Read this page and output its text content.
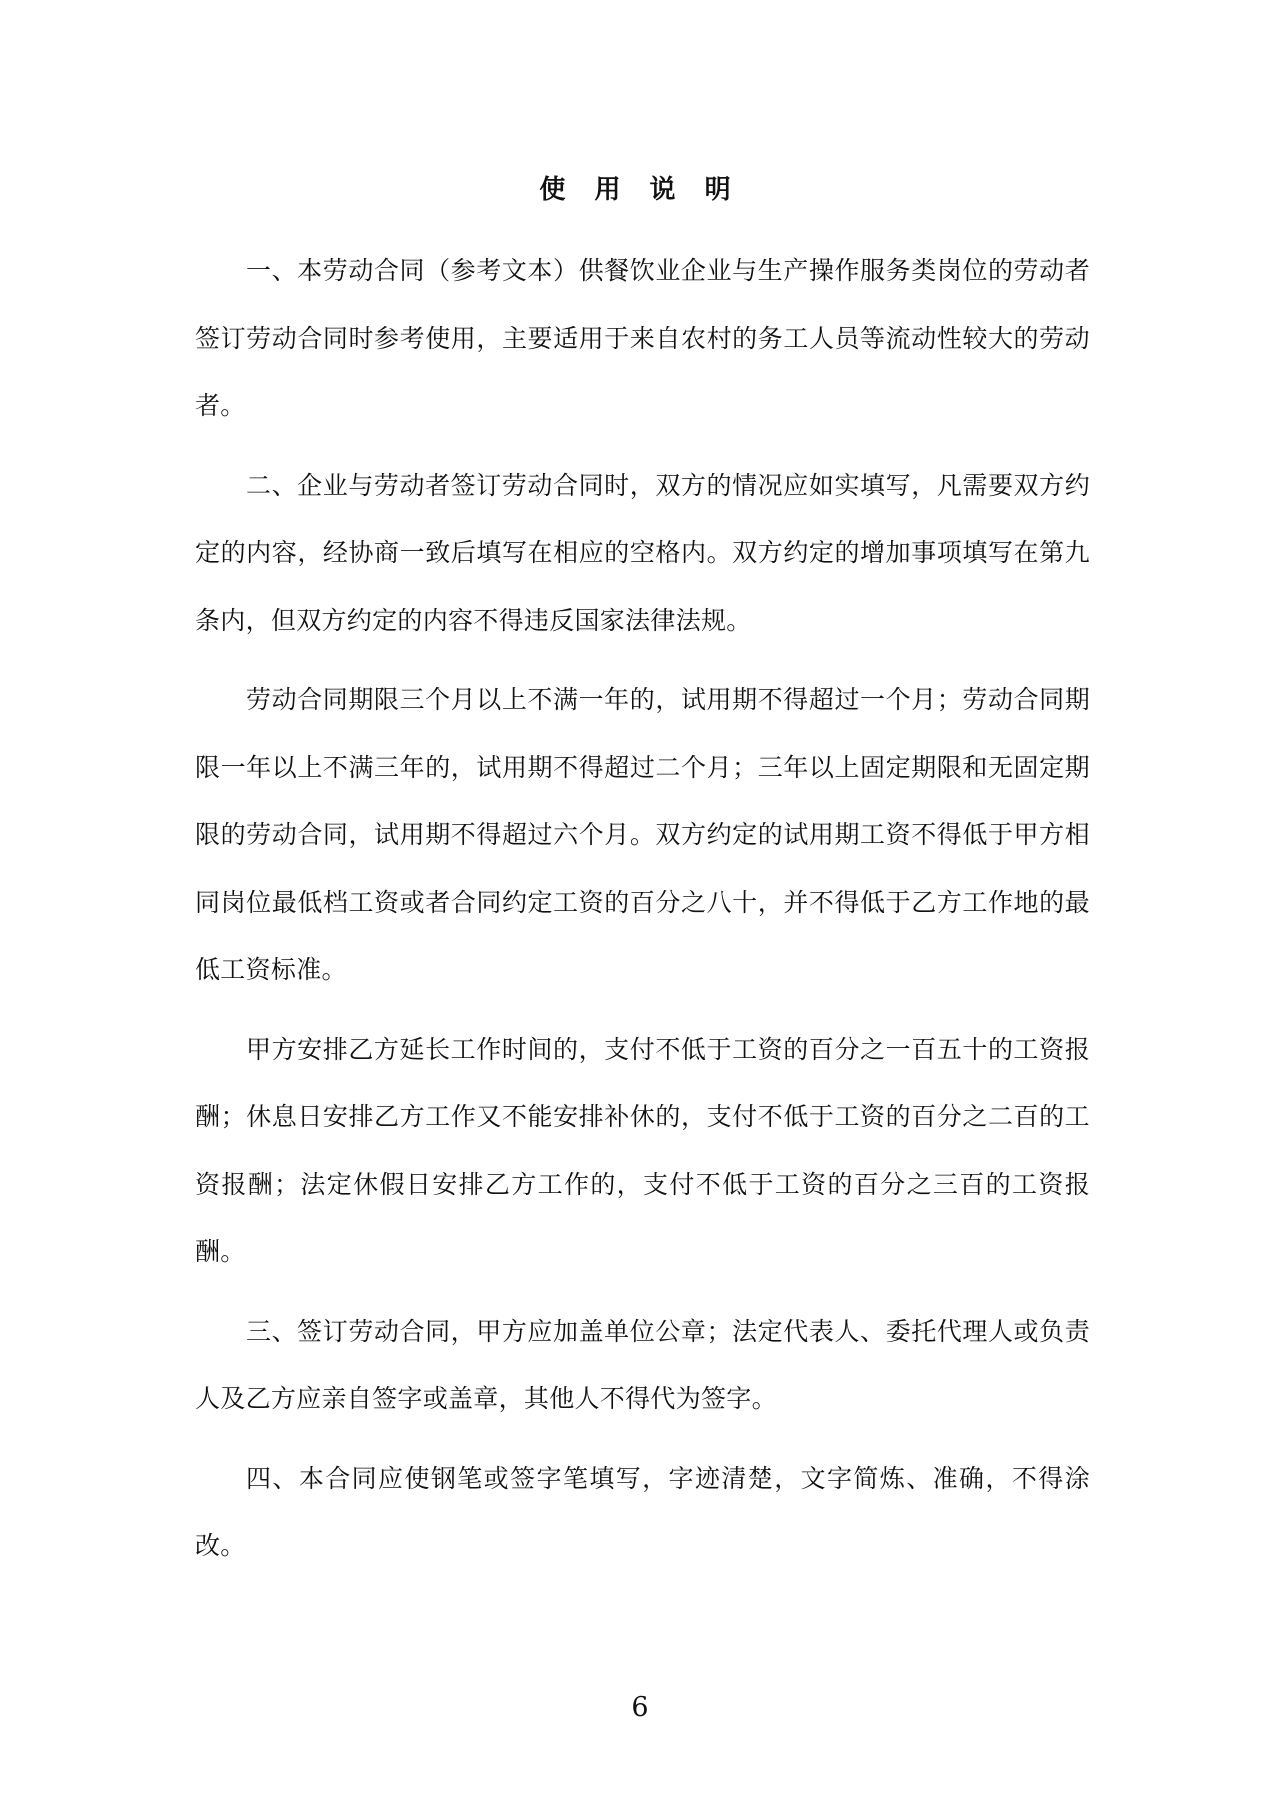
使 用 说 明

一、本劳动合同（参考文本）供餐饮业企业与生产操作服务类岗位的劳动者签订劳动合同时参考使用，主要适用于来自农村的务工人员等流动性较大的劳动者。

二、企业与劳动者签订劳动合同时，双方的情况应如实填写，凡需要双方约定的内容，经协商一致后填写在相应的空格内。双方约定的增加事项填写在第九条内，但双方约定的内容不得违反国家法律法规。

劳动合同期限三个月以上不满一年的，试用期不得超过一个月；劳动合同期限一年以上不满三年的，试用期不得超过二个月；三年以上固定期限和无固定期限的劳动合同，试用期不得超过六个月。双方约定的试用期工资不得低于甲方相同岗位最低档工资或者合同约定工资的百分之八十，并不得低于乙方工作地的最低工资标准。

甲方安排乙方延长工作时间的，支付不低于工资的百分之一百五十的工资报酬；休息日安排乙方工作又不能安排补休的，支付不低于工资的百分之二百的工资报酬；法定休假日安排乙方工作的，支付不低于工资的百分之三百的工资报酬。

三、签订劳动合同，甲方应加盖单位公章；法定代表人、委托代理人或负责人及乙方应亲自签字或盖章，其他人不得代为签字。

四、本合同应使钢笔或签字笔填写，字迹清楚，文字简炼、准确，不得涂改。

6
